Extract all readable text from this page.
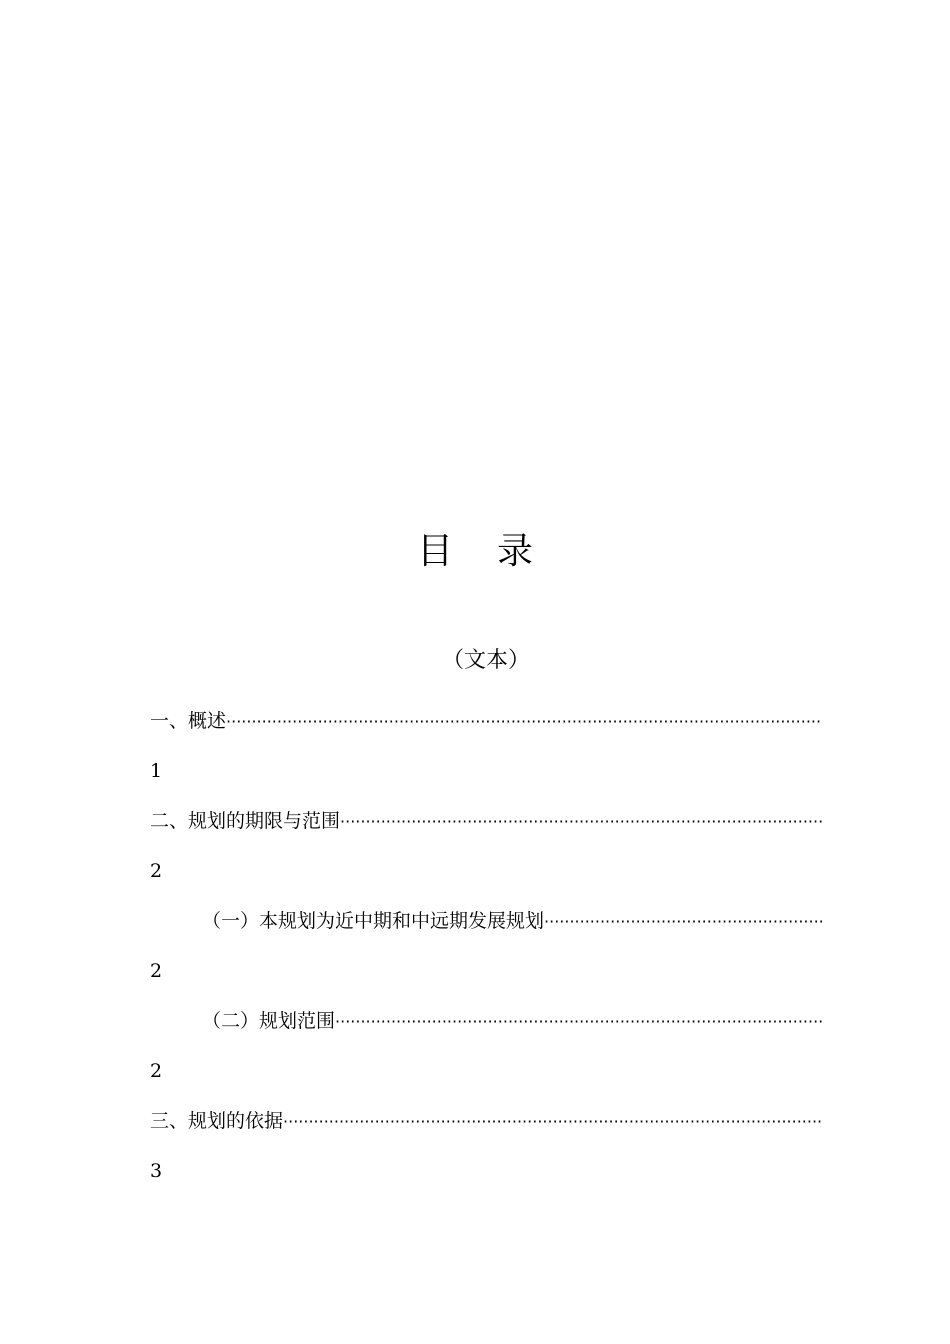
目录
（文本）
一、概述
·····
1
二、规划的期限与范围
·····
2
（一）本规划为近中期和中远期发展规划
·····
2
（二）规划范围
·····
2
三、规划的依据
·····
3
